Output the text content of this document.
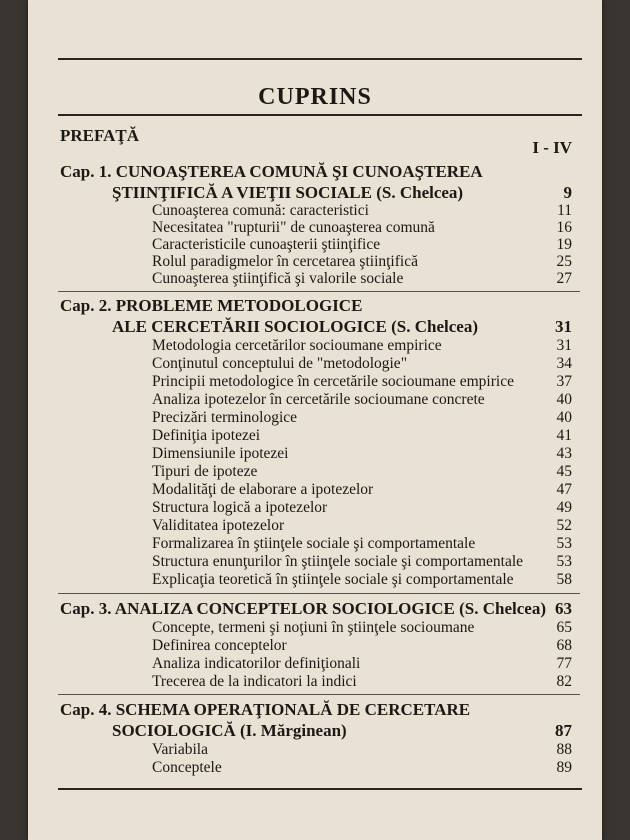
CUPRINS
PREFAŢĂ
I - IV
Cap. 1. CUNOAŞTEREA COMUNĂ ŞI CUNOAŞTEREA
ŞTIINŢIFICĂ A VIEŢII SOCIALE (S. Chelcea)	9
Cunoaşterea comună: caracteristici	11
Necesitatea "rupturii" de cunoaşterea comună	16
Caracteristicile cunoaşterii ştiinţifice	19
Rolul paradigmelor în cercetarea ştiinţifică	25
Cunoaşterea ştiinţifică şi valorile sociale	27
Cap. 2. PROBLEME METODOLOGICE
ALE CERCETĂRII SOCIOLOGICE (S. Chelcea)	31
Metodologia cercetărilor socioumane empirice	31
Conţinutul conceptului de "metodologie"	34
Principii metodologice în cercetările socioumane empirice	37
Analiza ipotezelor în cercetările socioumane concrete	40
Precizări terminologice	40
Definiţia ipotezei	41
Dimensiunile ipotezei	43
Tipuri de ipoteze	45
Modalităţi de elaborare a ipotezelor	47
Structura logică a ipotezelor	49
Validitatea ipotezelor	52
Formalizarea în ştiinţele sociale şi comportamentale	53
Structura enunţurilor în ştiinţele sociale şi comportamentale 53
Explicaţia teoretică în ştiinţele sociale şi comportamentale	58
Cap. 3. ANALIZA CONCEPTELOR SOCIOLOGICE (S. Chelcea) 63
Concepte, termeni şi noţiuni în ştiinţele socioumane	65
Definirea conceptelor	68
Analiza indicatorilor definiţionali	77
Trecerea de la indicatori la indici	82
Cap. 4. SCHEMA OPERAŢIONALĂ DE CERCETARE
SOCIOLOGICĂ (I. Mărginean)	87
Variabila	88
Conceptele	89
